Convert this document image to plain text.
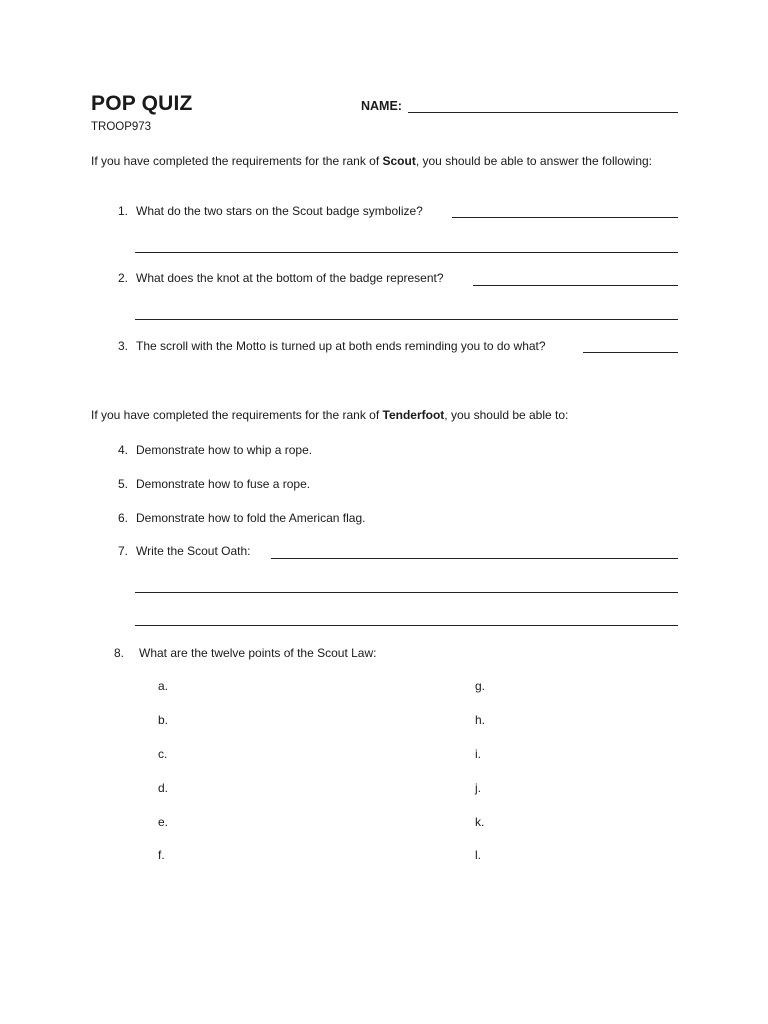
POP QUIZ
TROOP973
NAME:
If you have completed the requirements for the rank of Scout, you should be able to answer the following:
1. What do the two stars on the Scout badge symbolize?
2. What does the knot at the bottom of the badge represent?
3. The scroll with the Motto is turned up at both ends reminding you to do what?
If you have completed the requirements for the rank of Tenderfoot, you should be able to:
4. Demonstrate how to whip a rope.
5. Demonstrate how to fuse a rope.
6. Demonstrate how to fold the American flag.
7. Write the Scout Oath:
8. What are the twelve points of the Scout Law:
a.
b.
c.
d.
e.
f.
g.
h.
i.
j.
k.
l.
